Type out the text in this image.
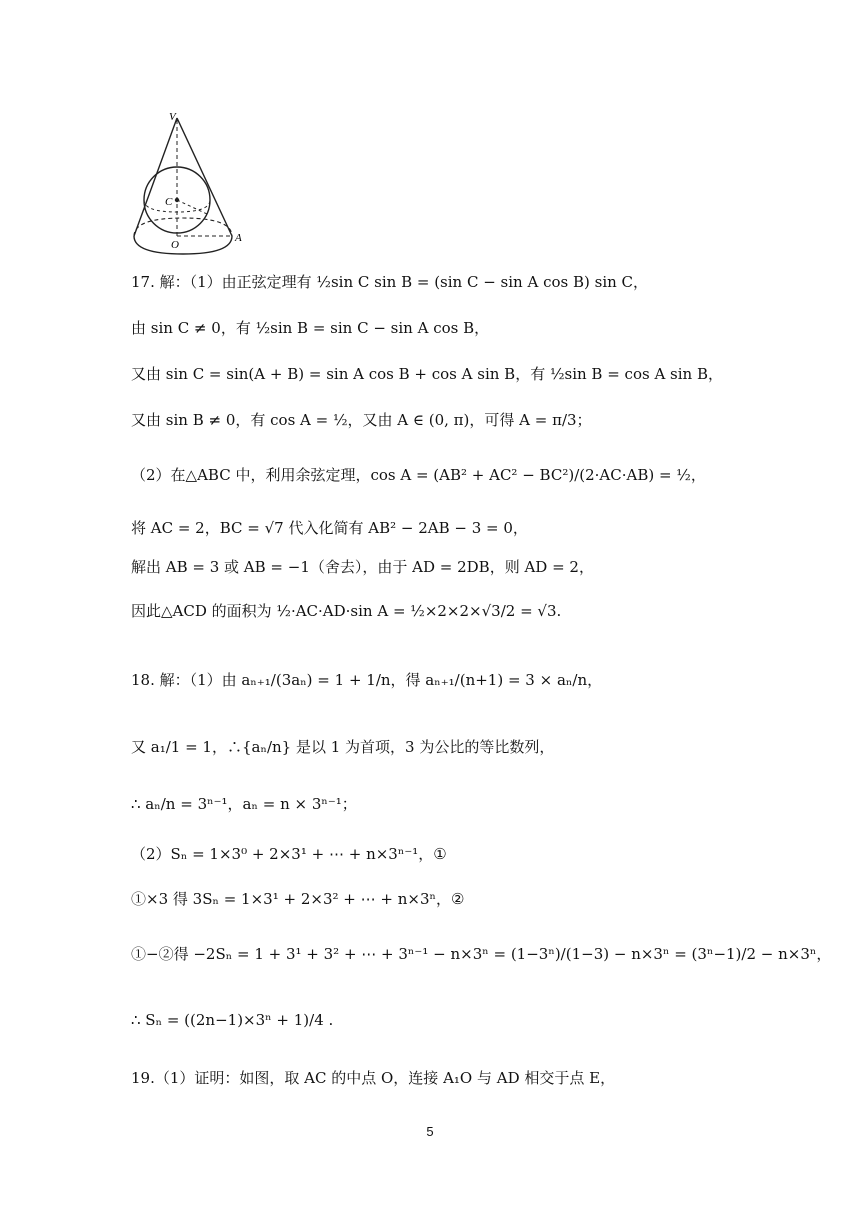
V
C
O
A
17. 解：（1）由正弦定理有 ½sin C sin B = (sin C − sin A cos B) sin C，
由 sin C ≠ 0，有 ½sin B = sin C − sin A cos B，
又由 sin C = sin(A + B) = sin A cos B + cos A sin B，有 ½sin B = cos A sin B，
又由 sin B ≠ 0，有 cos A = ½，又由 A ∈ (0, π)，可得 A = π/3；
（2）在△ABC 中，利用余弦定理，cos A = (AB² + AC² − BC²)/(2·AC·AB) = ½，
将 AC = 2，BC = √7 代入化简有 AB² − 2AB − 3 = 0，
解出 AB = 3 或 AB = −1（舍去），由于 AD = 2DB，则 AD = 2，
因此△ACD 的面积为 ½·AC·AD·sin A = ½×2×2×√3/2 = √3.
18. 解：（1）由 aₙ₊₁/(3aₙ) = 1 + 1/n，得 aₙ₊₁/(n+1) = 3 × aₙ/n，
又 a₁/1 = 1，∴{aₙ/n} 是以 1 为首项，3 为公比的等比数列，
∴ aₙ/n = 3ⁿ⁻¹，aₙ = n × 3ⁿ⁻¹；
（2）Sₙ = 1×3⁰ + 2×3¹ + ⋯ + n×3ⁿ⁻¹，①
①×3 得 3Sₙ = 1×3¹ + 2×3² + ⋯ + n×3ⁿ，②
①−②得 −2Sₙ = 1 + 3¹ + 3² + ⋯ + 3ⁿ⁻¹ − n×3ⁿ = (1−3ⁿ)/(1−3) − n×3ⁿ = (3ⁿ−1)/2 − n×3ⁿ，
∴ Sₙ = ((2n−1)×3ⁿ + 1)/4 .
19.（1）证明：如图，取 AC 的中点 O，连接 A₁O 与 AD 相交于点 E，
5
